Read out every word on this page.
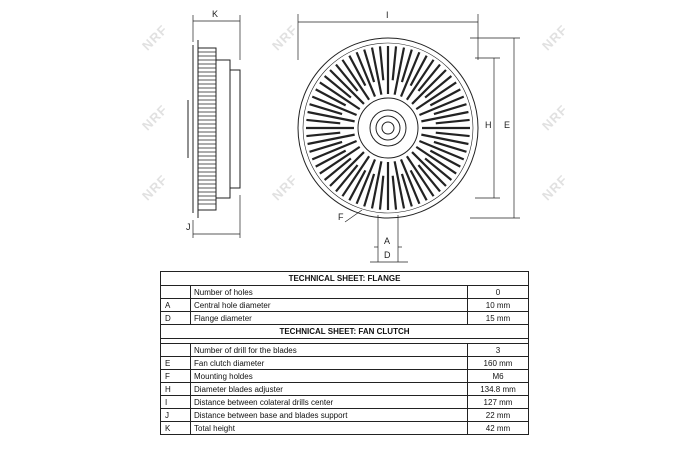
NRF	NRF	NRF
NRF	NRF	NRF
NRF
NRF
K	I
H E
J
F
A
D
TECHNICAL SHEET: FLANGE		
	Number of holes	0
A	Central hole diameter	10 mm
D	Flange diameter	15 mm
TECHNICAL SHEET: FAN CLUTCH		

	Number of drill for the blades	3
E	Fan clutch diameter	160 mm
F	Mounting holdes	M6
H	Diameter blades adjuster	134.8 mm
I	Distance between colateral drills center	127 mm
J	Distance between base and blades support	22 mm
K	Total height	42 mm
